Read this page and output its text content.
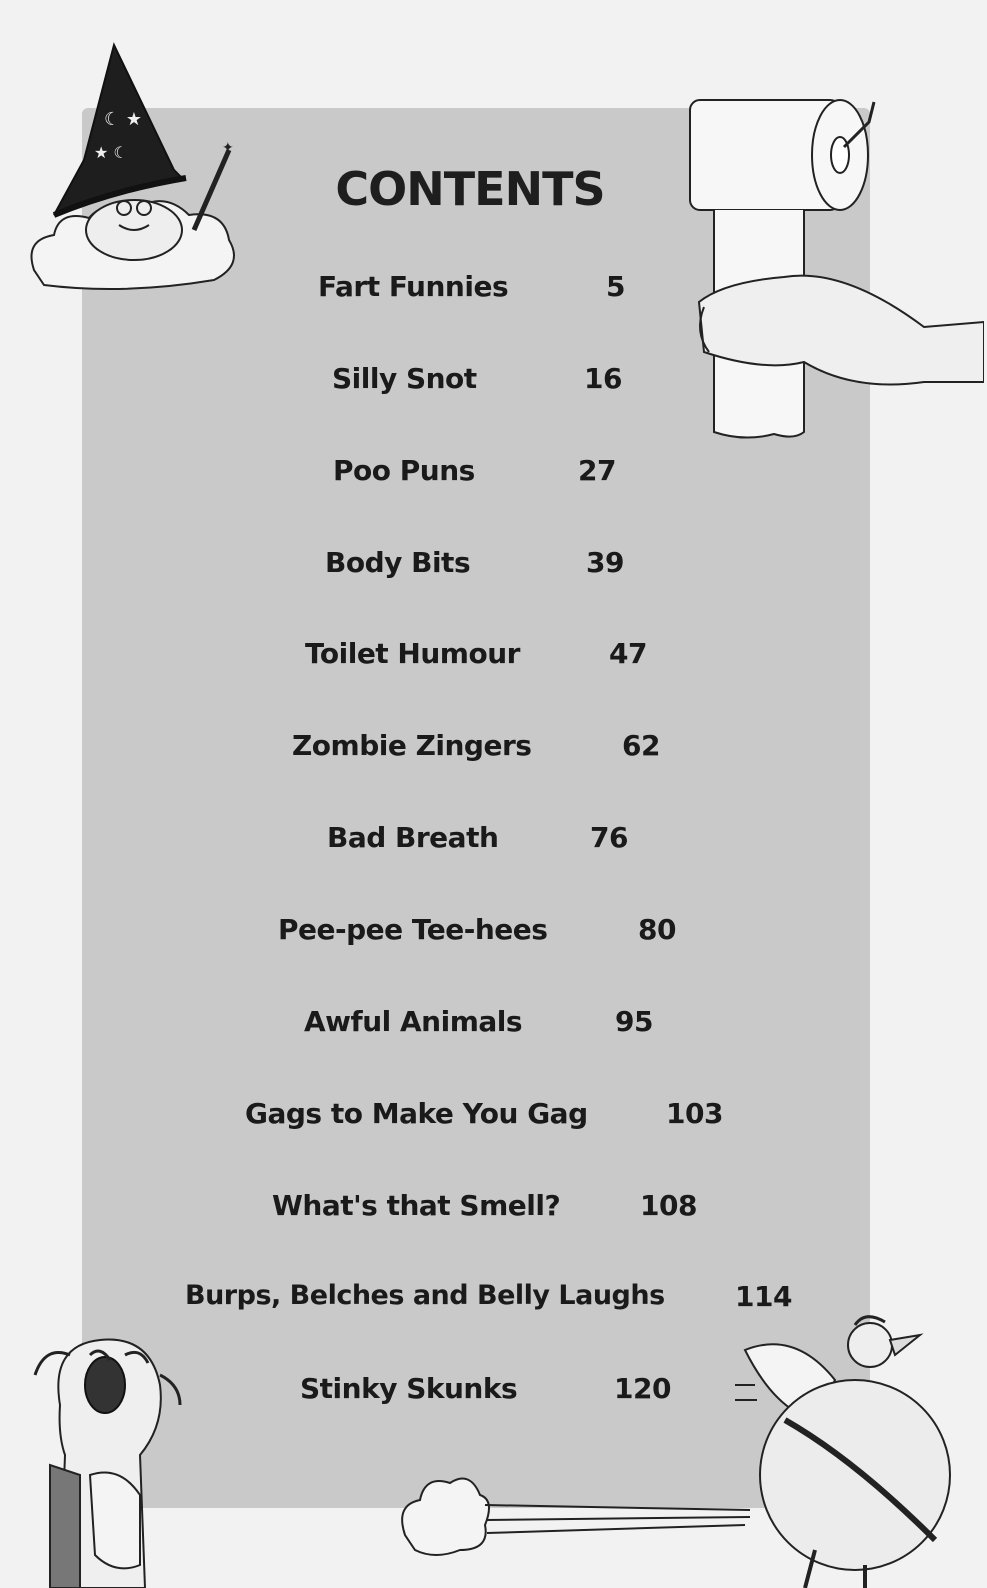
☾ ★
★ ☾	✦
CONTENTS
Fart Funnies	5
Silly Snot	16
Poo Puns	27
Body Bits	39
Toilet Humour	47
Zombie Zingers	62
Bad Breath	76
Pee-pee Tee-hees	80
Awful Animals	95
Gags to Make You Gag	103
What's that Smell?	108
Burps, Belches and Belly Laughs	114
Stinky Skunks	120
